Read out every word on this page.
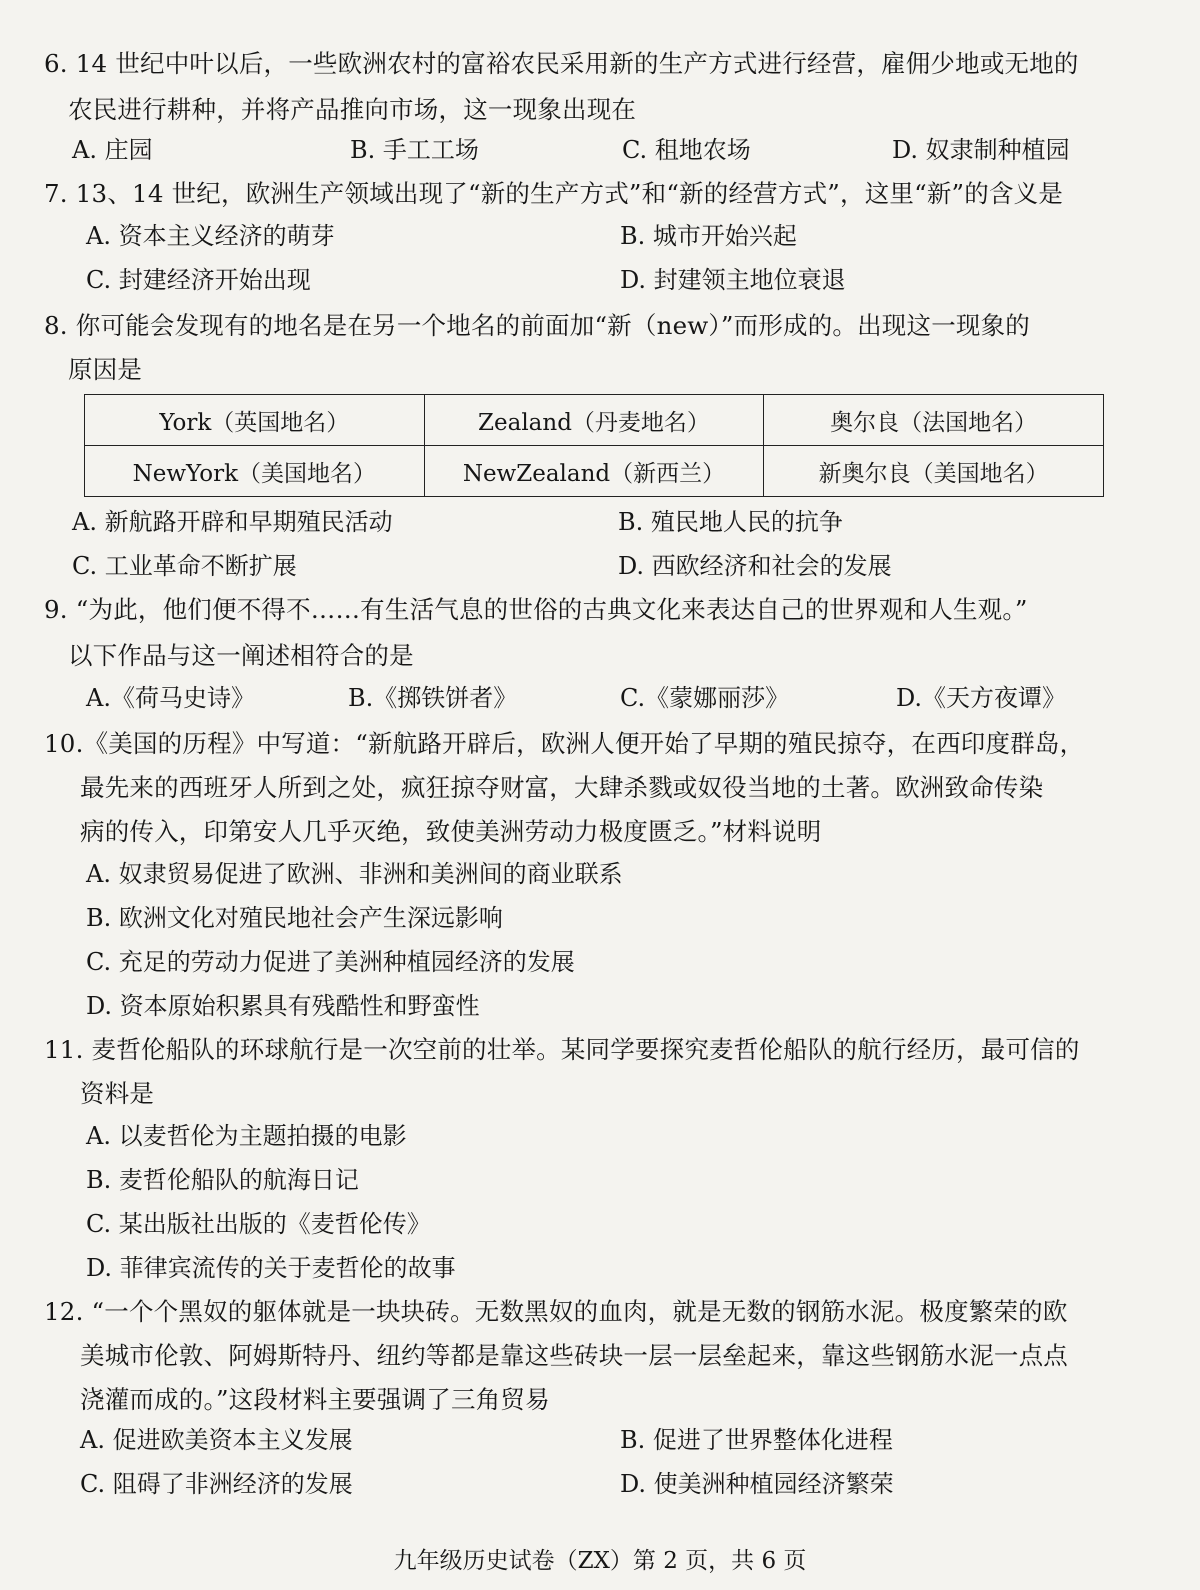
6. 14 世纪中叶以后，一些欧洲农村的富裕农民采用新的生产方式进行经营，雇佣少地或无地的
农民进行耕种，并将产品推向市场，这一现象出现在
A. 庄园	B. 手工工场	C. 租地农场	D. 奴隶制种植园
7. 13、14 世纪，欧洲生产领域出现了“新的生产方式”和“新的经营方式”，这里“新”的含义是
A. 资本主义经济的萌芽	B. 城市开始兴起
C. 封建经济开始出现	D. 封建领主地位衰退
8. 你可能会发现有的地名是在另一个地名的前面加“新（new）”而形成的。出现这一现象的
原因是
York（英国地名）	Zealand（丹麦地名）	奥尔良（法国地名）
NewYork（美国地名）	NewZealand（新西兰）	新奥尔良（美国地名）
A. 新航路开辟和早期殖民活动	B. 殖民地人民的抗争
C. 工业革命不断扩展	D. 西欧经济和社会的发展
9. “为此，他们便不得不……有生活气息的世俗的古典文化来表达自己的世界观和人生观。”
以下作品与这一阐述相符合的是
A.《荷马史诗》	B.《掷铁饼者》	C.《蒙娜丽莎》	D.《天方夜谭》
10.《美国的历程》中写道：“新航路开辟后，欧洲人便开始了早期的殖民掠夺，在西印度群岛，
最先来的西班牙人所到之处，疯狂掠夺财富，大肆杀戮或奴役当地的土著。欧洲致命传染
病的传入，印第安人几乎灭绝，致使美洲劳动力极度匮乏。”材料说明
A. 奴隶贸易促进了欧洲、非洲和美洲间的商业联系
B. 欧洲文化对殖民地社会产生深远影响
C. 充足的劳动力促进了美洲种植园经济的发展
D. 资本原始积累具有残酷性和野蛮性
11. 麦哲伦船队的环球航行是一次空前的壮举。某同学要探究麦哲伦船队的航行经历，最可信的
资料是
A. 以麦哲伦为主题拍摄的电影
B. 麦哲伦船队的航海日记
C. 某出版社出版的《麦哲伦传》
D. 菲律宾流传的关于麦哲伦的故事
12. “一个个黑奴的躯体就是一块块砖。无数黑奴的血肉，就是无数的钢筋水泥。极度繁荣的欧
美城市伦敦、阿姆斯特丹、纽约等都是靠这些砖块一层一层垒起来，靠这些钢筋水泥一点点
浇灌而成的。”这段材料主要强调了三角贸易
A. 促进欧美资本主义发展	B. 促进了世界整体化进程
C. 阻碍了非洲经济的发展	D. 使美洲种植园经济繁荣
九年级历史试卷（ZX）第 2 页，共 6 页
